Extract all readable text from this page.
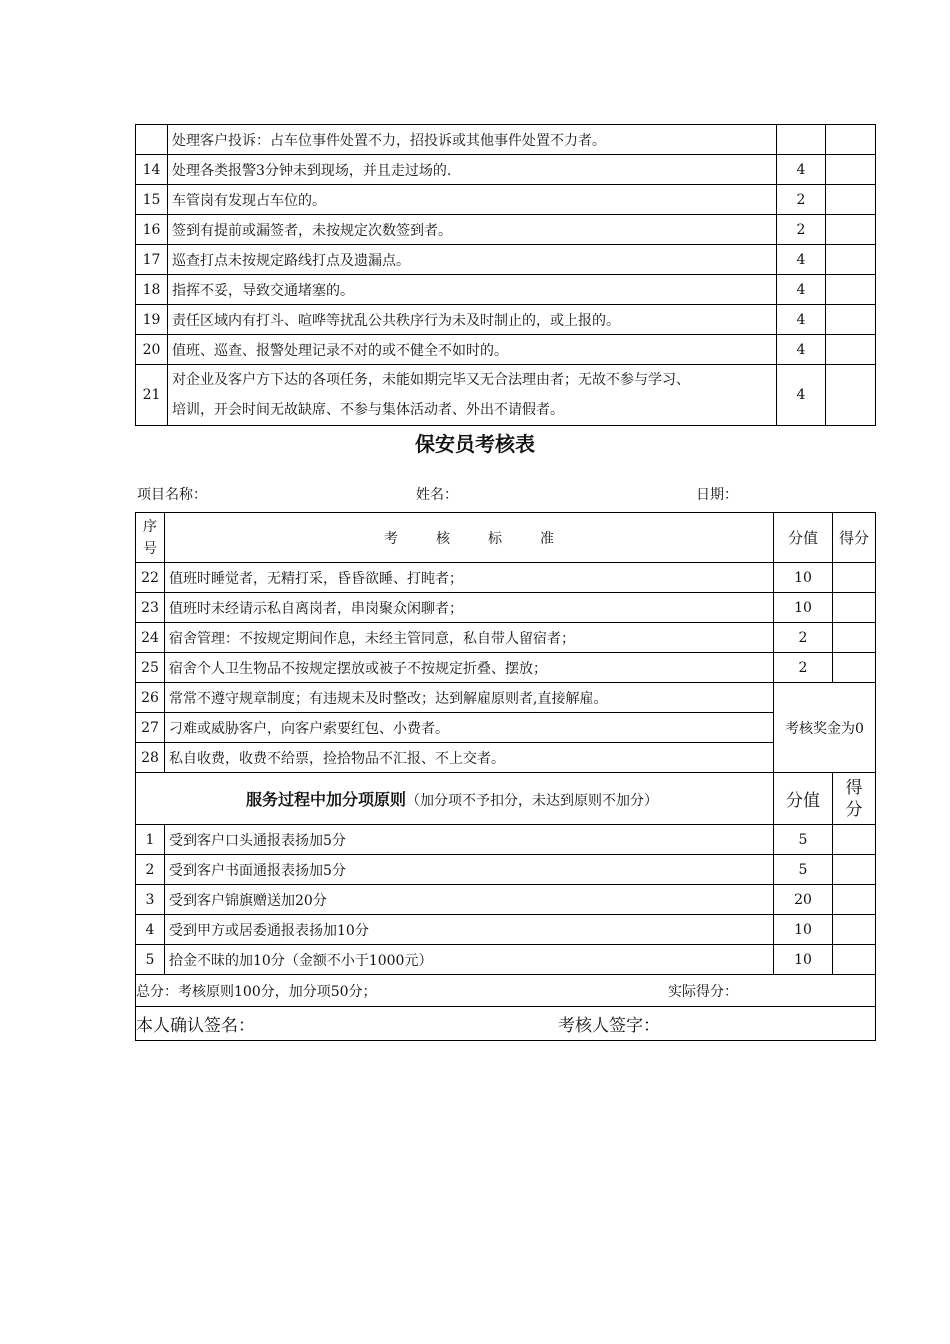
	处理客户投诉：占车位事件处置不力，招投诉或其他事件处置不力者。		
14	处理各类报警3分钟未到现场，并且走过场的.	4	
15	车管岗有发现占车位的。	2	
16	签到有提前或漏签者，未按规定次数签到者。	2	
17	巡查打点未按规定路线打点及遗漏点。	4	
18	指挥不妥，导致交通堵塞的。	4	
19	责任区域内有打斗、喧哗等扰乱公共秩序行为未及时制止的，或上报的。	4	
20	值班、巡查、报警处理记录不对的或不健全不如时的。	4	
21	对企业及客户方下达的各项任务，未能如期完毕又无合法理由者；无故不参与学习、
培训，开会时间无故缺席、不参与集体活动者、外出不请假者。	4	
保安员考核表
项目名称：	姓名：	日期：
序
号	考 核 标 准	分值	得分
22	值班时睡觉者，无精打采，昏昏欲睡、打盹者；	10	
23	值班时未经请示私自离岗者，串岗聚众闲聊者；	10	
24	宿舍管理：不按规定期间作息，未经主管同意，私自带人留宿者；	2	
25	宿舍个人卫生物品不按规定摆放或被子不按规定折叠、摆放；	2	
26	常常不遵守规章制度；有违规未及时整改；达到解雇原则者,直接解雇。	考核奖金为0	
27	刁难或威胁客户，向客户索要红包、小费者。		
28	私自收费，收费不给票，捡拾物品不汇报、不上交者。		
服务过程中加分项原则（加分项不予扣分，未达到原则不加分）		分值	得
分

1	受到客户口头通报表扬加5分	5	
2	受到客户书面通报表扬加5分	5	
3	受到客户锦旗赠送加20分	20	
4	受到甲方或居委通报表扬加10分	10	
5	拾金不昧的加10分（金额不小于1000元）	10	
总分：考核原则100分，加分项50分； 实际得分：			
本人确认签名： 考核人签字：			
